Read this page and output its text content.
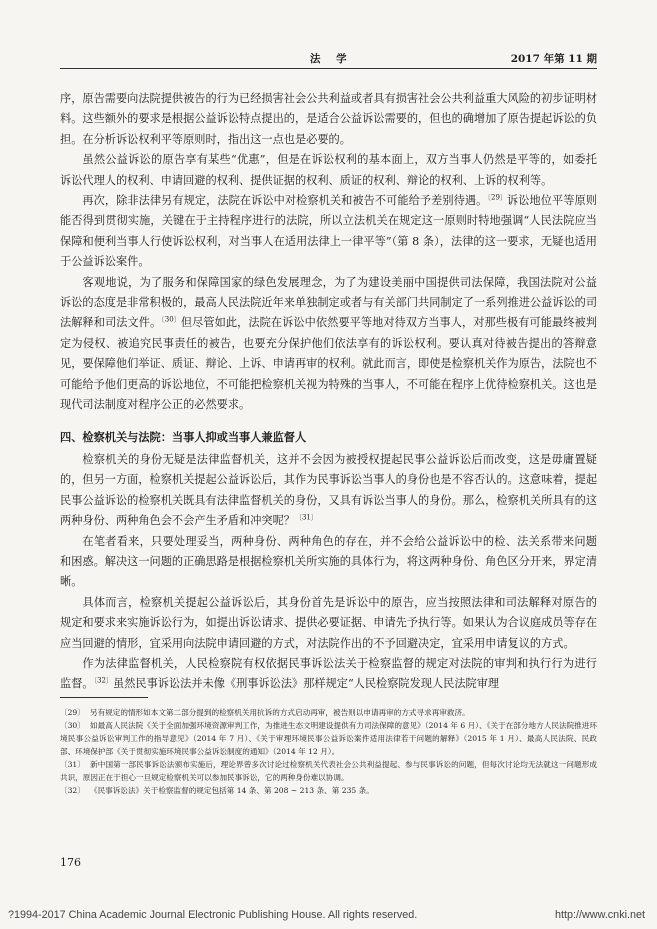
法 学	2017 年第 11 期

序，原告需要向法院提供被告的行为已经损害社会公共利益或者具有损害社会公共利益重大风险的初步证明材料。这些额外的要求是根据公益诉讼特点提出的，是适合公益诉讼需要的，但也的确增加了原告提起诉讼的负担。在分析诉讼权利平等原则时，指出这一点也是必要的。

虽然公益诉讼的原告享有某些“优惠”，但是在诉讼权利的基本面上，双方当事人仍然是平等的，如委托诉讼代理人的权利、申请回避的权利、提供证据的权利、质证的权利、辩论的权利、上诉的权利等。

再次，除非法律另有规定，法院在诉讼中对检察机关和被告不可能给予差别待遇。$^{〔29〕}$诉讼地位平等原则能否得到贯彻实施，关键在于主持程序进行的法院，所以立法机关在规定这一原则时特地强调“人民法院应当保障和便利当事人行使诉讼权利，对当事人在适用法律上一律平等”（第 8 条），法律的这一要求，无疑也适用于公益诉讼案件。

客观地说，为了服务和保障国家的绿色发展理念，为了为建设美丽中国提供司法保障，我国法院对公益诉讼的态度是非常积极的，最高人民法院近年来单独制定或者与有关部门共同制定了一系列推进公益诉讼的司法解释和司法文件。$^{〔30〕}$但尽管如此，法院在诉讼中依然要平等地对待双方当事人，对那些极有可能最终被判定为侵权、被追究民事责任的被告，也要充分保护他们依法享有的诉讼权利。要认真对待被告提出的答辩意见，要保障他们举证、质证、辩论、上诉、申请再审的权利。就此而言，即使是检察机关作为原告，法院也不可能给予他们更高的诉讼地位，不可能把检察机关视为特殊的当事人，不可能在程序上优待检察机关。这也是现代司法制度对程序公正的必然要求。

四、检察机关与法院：当事人抑或当事人兼监督人

检察机关的身份无疑是法律监督机关，这并不会因为被授权提起民事公益诉讼后而改变，这是毋庸置疑的，但另一方面，检察机关提起公益诉讼后，其作为民事诉讼当事人的身份也是不容否认的。这意味着，提起民事公益诉讼的检察机关既具有法律监督机关的身份，又具有诉讼当事人的身份。那么，检察机关所具有的这两种身份、两种角色会不会产生矛盾和冲突呢？$^{〔31〕}$

在笔者看来，只要处理妥当，两种身份、两种角色的存在，并不会给公益诉讼中的检、法关系带来问题和困惑。解决这一问题的正确思路是根据检察机关所实施的具体行为，将这两种身份、角色区分开来，界定清晰。

具体而言，检察机关提起公益诉讼后，其身份首先是诉讼中的原告，应当按照法律和司法解释对原告的规定和要求来实施诉讼行为，如提出诉讼请求、提供必要证据、申请先予执行等。如果认为合议庭成员等存在应当回避的情形，宜采用向法院申请回避的方式，对法院作出的不予回避决定，宜采用申请复议的方式。

作为法律监督机关，人民检察院有权依据民事诉讼法关于检察监督的规定对法院的审判和执行行为进行监督。$^{〔32〕}$虽然民事诉讼法并未像《刑事诉讼法》那样规定“人民检察院发现人民法院审理

〔29〕 另有规定的情形如本文第二部分提到的检察机关用抗诉的方式启动再审，被告则以申请再审的方式寻求再审救济。

〔30〕 如最高人民法院《关于全面加强环境资源审判工作，为推进生态文明建设提供有力司法保障的意见》（2014 年 6 月）、《关于在部分地方人民法院推进环境民事公益诉讼审判工作的指导意见》（2014 年 7 月）、《关于审理环境民事公益诉讼案件适用法律若干问题的解释》（2015 年 1 月）、最高人民法院、民政部、环境保护部《关于贯彻实施环境民事公益诉讼制度的通知》（2014 年 12 月）。

〔31〕 新中国第一部民事诉讼法颁布实施后，理论界曾多次讨论过检察机关代表社会公共利益提起、参与民事诉讼的问题，但每次讨论均无法就这一问题形成共识，原因正在于担心一旦规定检察机关可以参加民事诉讼，它的两种身份难以协调。

〔32〕 《民事诉讼法》关于检察监督的规定包括第 14 条、第 208 ~ 213 条、第 235 条。

176
?1994-2017 China Academic Journal Electronic Publishing House. All rights reserved.	http://www.cnki.net
